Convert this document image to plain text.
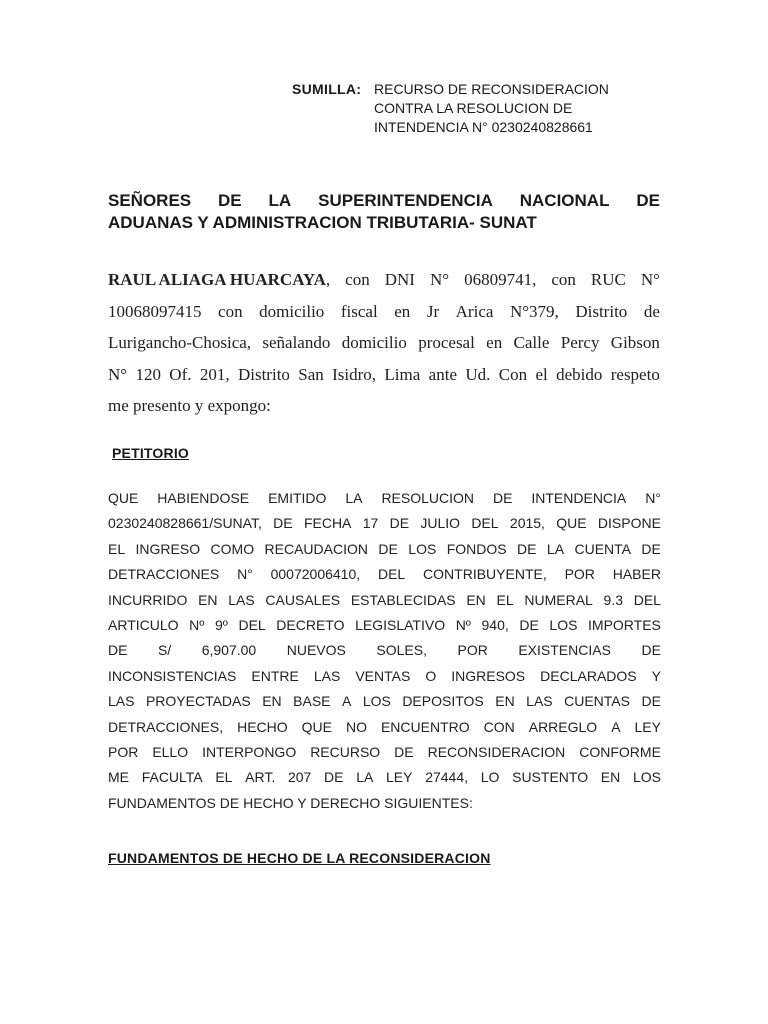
SUMILLA: RECURSO DE RECONSIDERACION
CONTRA LA RESOLUCION DE
INTENDENCIA N° 0230240828661
SEÑORES DE LA SUPERINTENDENCIA NACIONAL DE
ADUANAS Y ADMINISTRACION TRIBUTARIA- SUNAT
RAUL ALIAGA HUARCAYA, con DNI N° 06809741, con RUC N°
10068097415 con domicilio fiscal en Jr Arica N°379, Distrito de
Lurigancho-Chosica, señalando domicilio procesal en Calle Percy Gibson
N° 120 Of. 201, Distrito San Isidro, Lima ante Ud. Con el debido respeto
me presento y expongo:
PETITORIO
QUE HABIENDOSE EMITIDO LA RESOLUCION DE INTENDENCIA N°
0230240828661/SUNAT, DE FECHA 17 DE JULIO DEL 2015, QUE DISPONE
EL INGRESO COMO RECAUDACION DE LOS FONDOS DE LA CUENTA DE
DETRACCIONES N° 00072006410, DEL CONTRIBUYENTE, POR HABER
INCURRIDO EN LAS CAUSALES ESTABLECIDAS EN EL NUMERAL 9.3 DEL
ARTICULO Nº 9º DEL DECRETO LEGISLATIVO Nº 940, DE LOS IMPORTES
DE S/ 6,907.00 NUEVOS SOLES, POR EXISTENCIAS DE
INCONSISTENCIAS ENTRE LAS VENTAS O INGRESOS DECLARADOS Y
LAS PROYECTADAS EN BASE A LOS DEPOSITOS EN LAS CUENTAS DE
DETRACCIONES, HECHO QUE NO ENCUENTRO CON ARREGLO A LEY
POR ELLO INTERPONGO RECURSO DE RECONSIDERACION CONFORME
ME FACULTA EL ART. 207 DE LA LEY 27444, LO SUSTENTO EN LOS
FUNDAMENTOS DE HECHO Y DERECHO SIGUIENTES:
FUNDAMENTOS DE HECHO DE LA RECONSIDERACION
